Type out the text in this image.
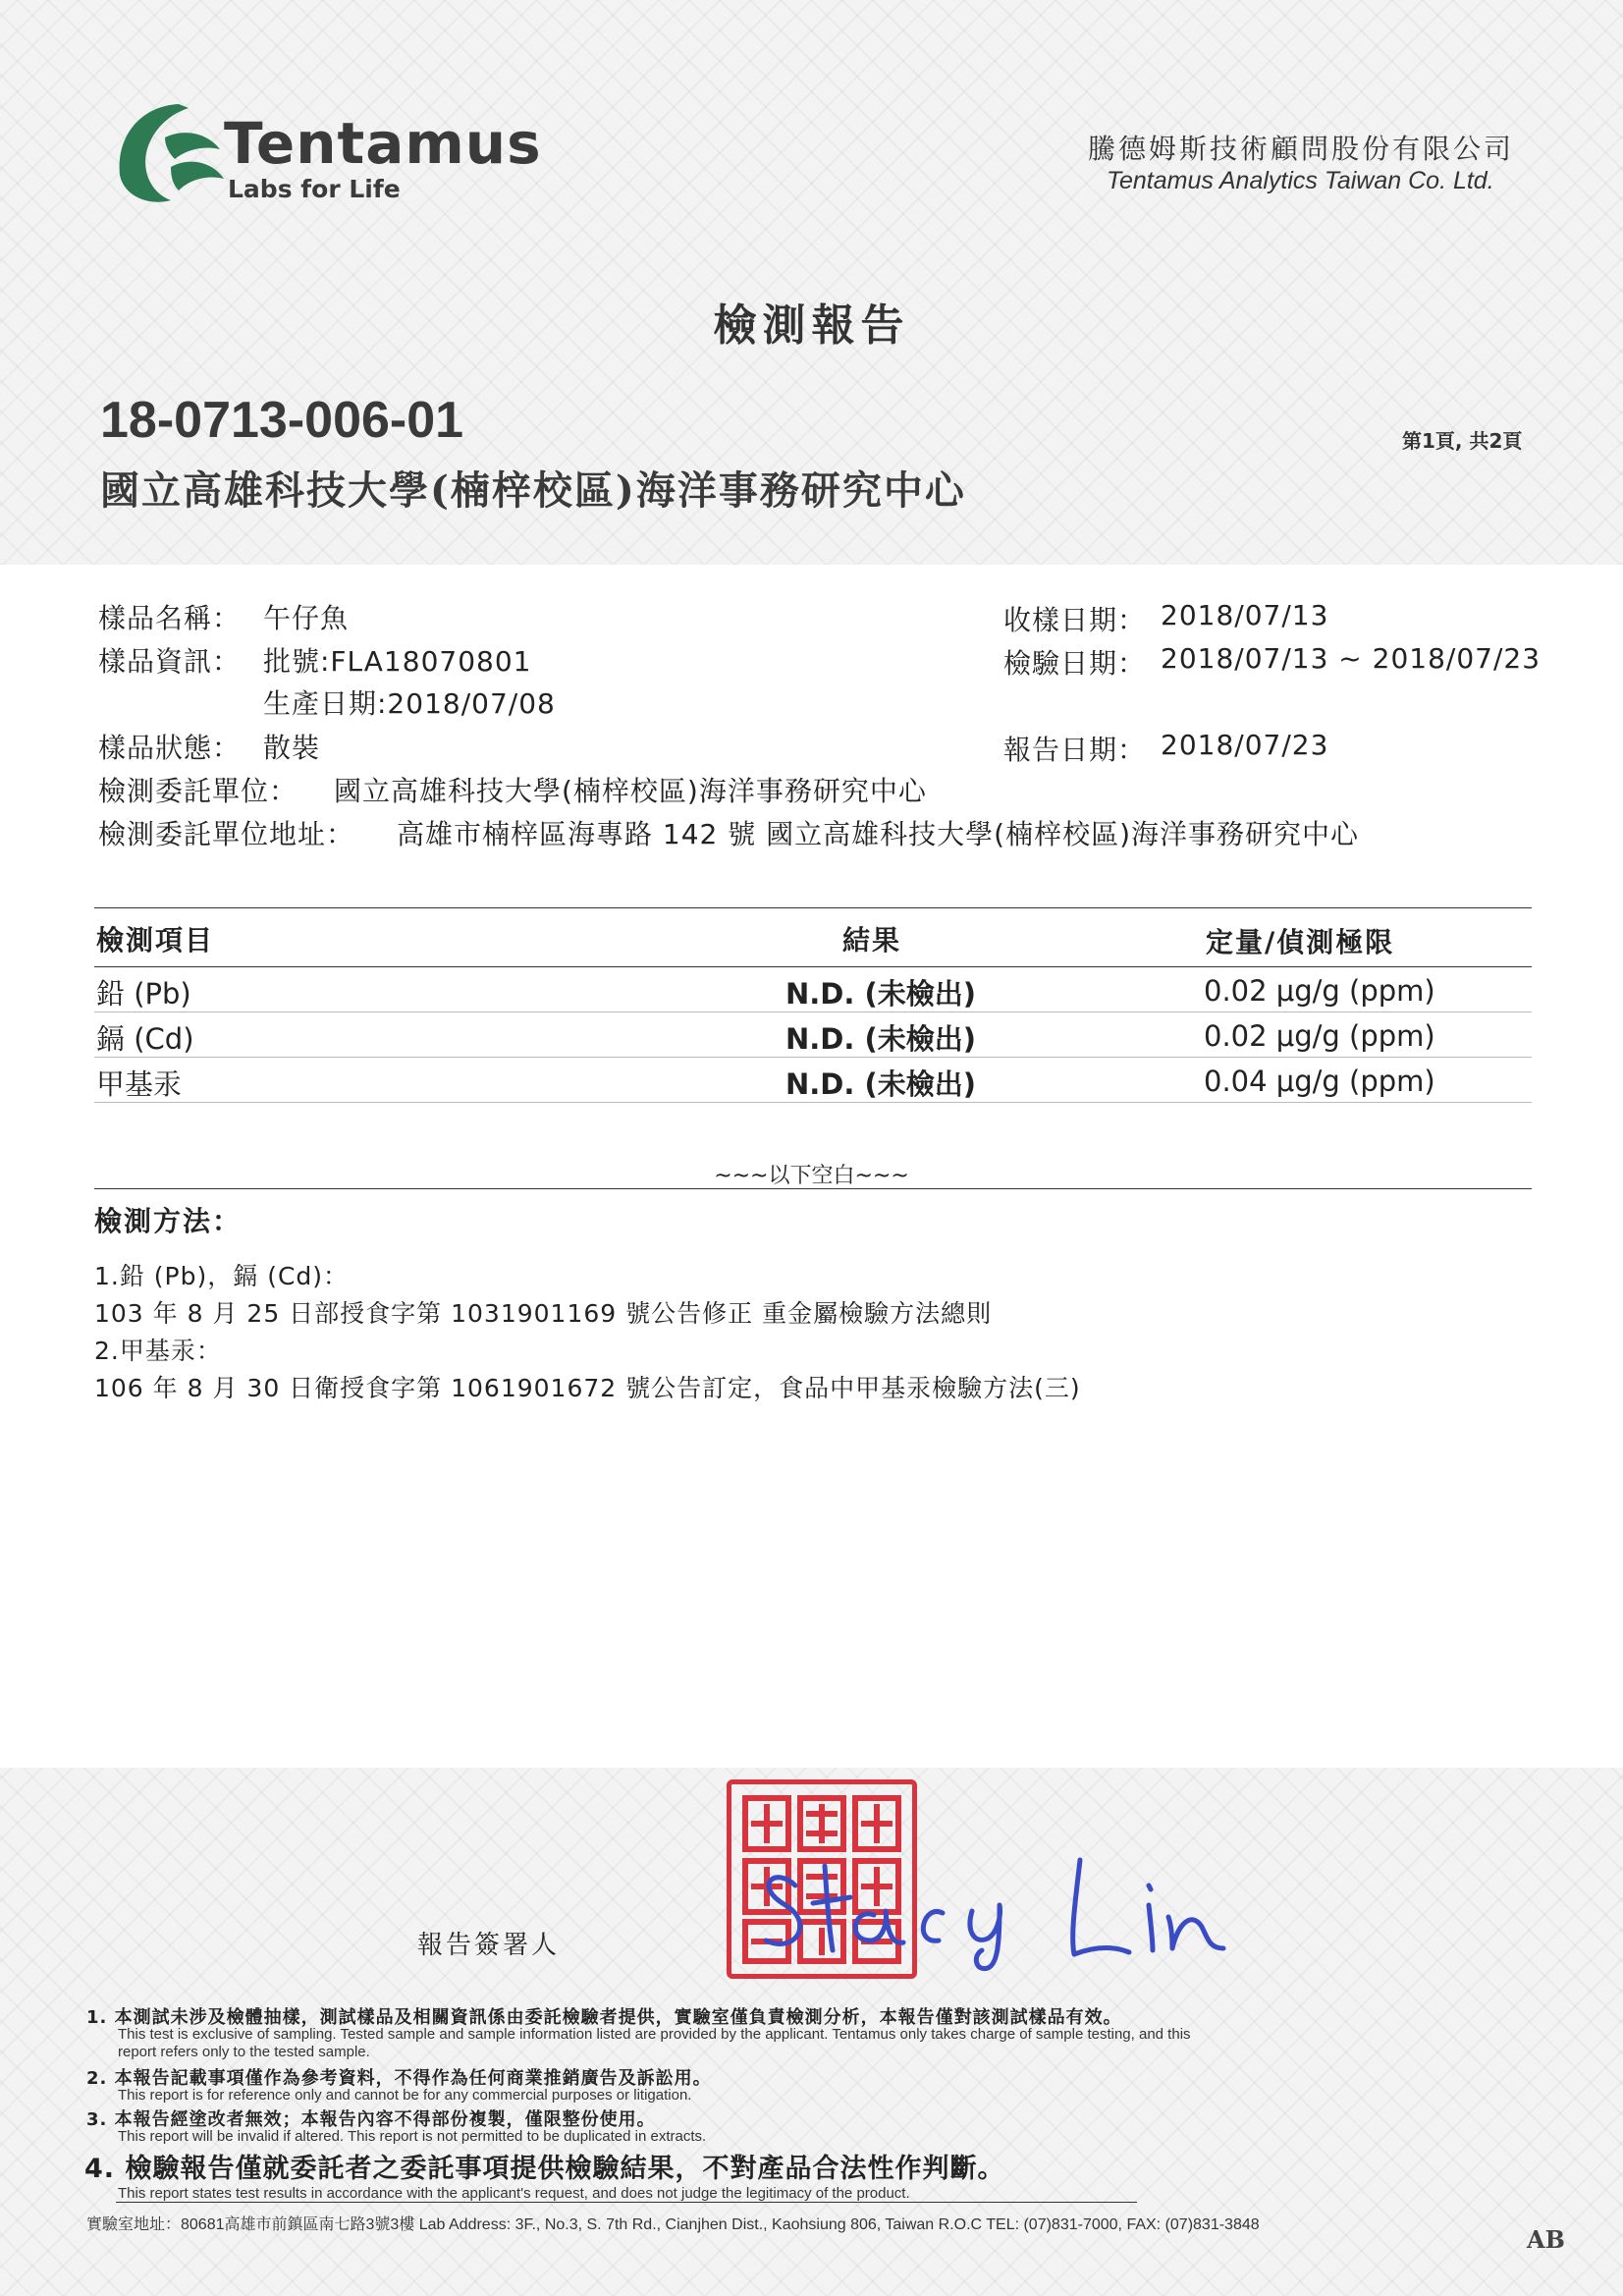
Tentamus
Labs for Life
騰德姆斯技術顧問股份有限公司
Tentamus Analytics Taiwan Co. Ltd.
檢測報告
18-0713-006-01	第1頁, 共2頁
國立高雄科技大學(楠梓校區)海洋事務研究中心
樣品名稱： 午仔魚
樣品資訊： 批號:FLA18070801
生產日期:2018/07/08
樣品狀態： 散裝
檢測委託單位： 國立高雄科技大學(楠梓校區)海洋事務研究中心
檢測委託單位地址： 高雄市楠梓區海專路 142 號 國立高雄科技大學(楠梓校區)海洋事務研究中心
收樣日期： 2018/07/13
檢驗日期： 2018/07/13 ~ 2018/07/23
報告日期： 2018/07/23
檢測項目	結果	定量/偵測極限
鉛 (Pb)	N.D. (未檢出)	0.02 μg/g (ppm)
鎘 (Cd)	N.D. (未檢出)	0.02 μg/g (ppm)
甲基汞	N.D. (未檢出)	0.04 μg/g (ppm)
~~~以下空白~~~
檢測方法：
1.鉛 (Pb)，鎘 (Cd)：
103 年 8 月 25 日部授食字第 1031901169 號公告修正 重金屬檢驗方法總則
2.甲基汞：
106 年 8 月 30 日衛授食字第 1061901672 號公告訂定，食品中甲基汞檢驗方法(三)
報告簽署人
1. 本測試未涉及檢體抽樣，測試樣品及相關資訊係由委託檢驗者提供，實驗室僅負責檢測分析，本報告僅對該測試樣品有效。
This test is exclusive of sampling. Tested sample and sample information listed are provided by the applicant. Tentamus only takes charge of sample testing, and this
report refers only to the tested sample.
2. 本報告記載事項僅作為參考資料，不得作為任何商業推銷廣告及訴訟用。
This report is for reference only and cannot be for any commercial purposes or litigation.
3. 本報告經塗改者無效；本報告內容不得部份複製，僅限整份使用。
This report will be invalid if altered. This report is not permitted to be duplicated in extracts.
4. 檢驗報告僅就委託者之委託事項提供檢驗結果，不對產品合法性作判斷。
This report states test results in accordance with the applicant's request, and does not judge the legitimacy of the product.
實驗室地址：80681高雄市前鎮區南七路3號3樓 Lab Address: 3F., No.3, S. 7th Rd., Cianjhen Dist., Kaohsiung 806, Taiwan R.O.C TEL: (07)831-7000, FAX: (07)831-3848
AB
